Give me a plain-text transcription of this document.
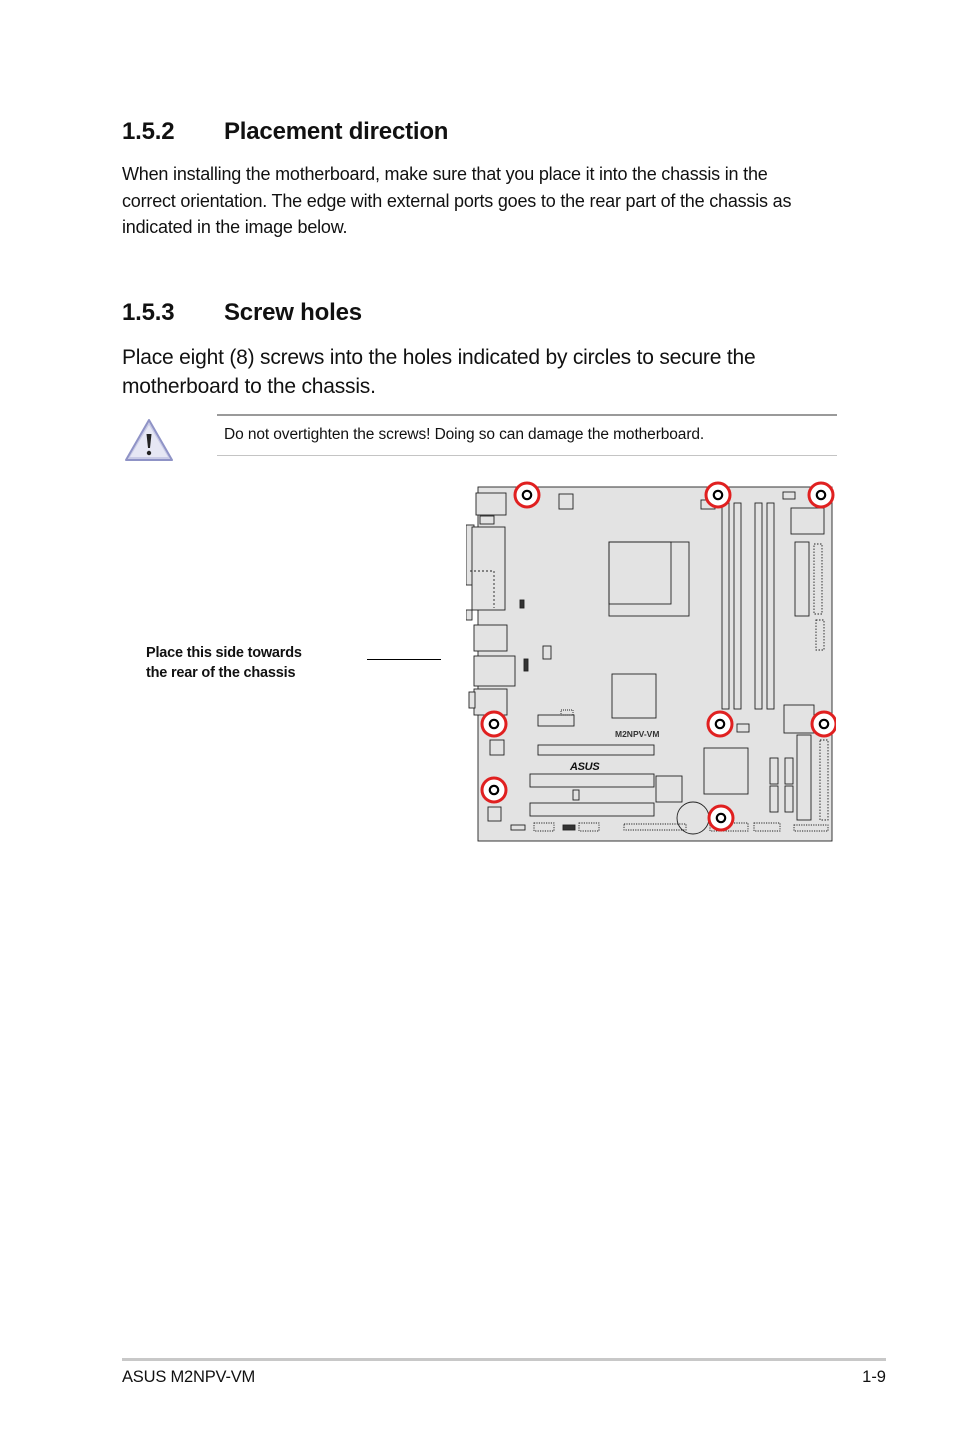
1.5.2 Placement direction
When installing the motherboard, make sure that you place it into the chassis in the correct orientation. The edge with external ports goes to the rear part of the chassis as indicated in the image below.
1.5.3 Screw holes
Place eight (8) screws into the holes indicated by circles to secure the motherboard to the chassis.
Do not overtighten the screws! Doing so can damage the motherboard.
Place this side towards
the rear of the chassis
M2NPV-VM
ASUS
ASUS M2NPV-VM	1-9
